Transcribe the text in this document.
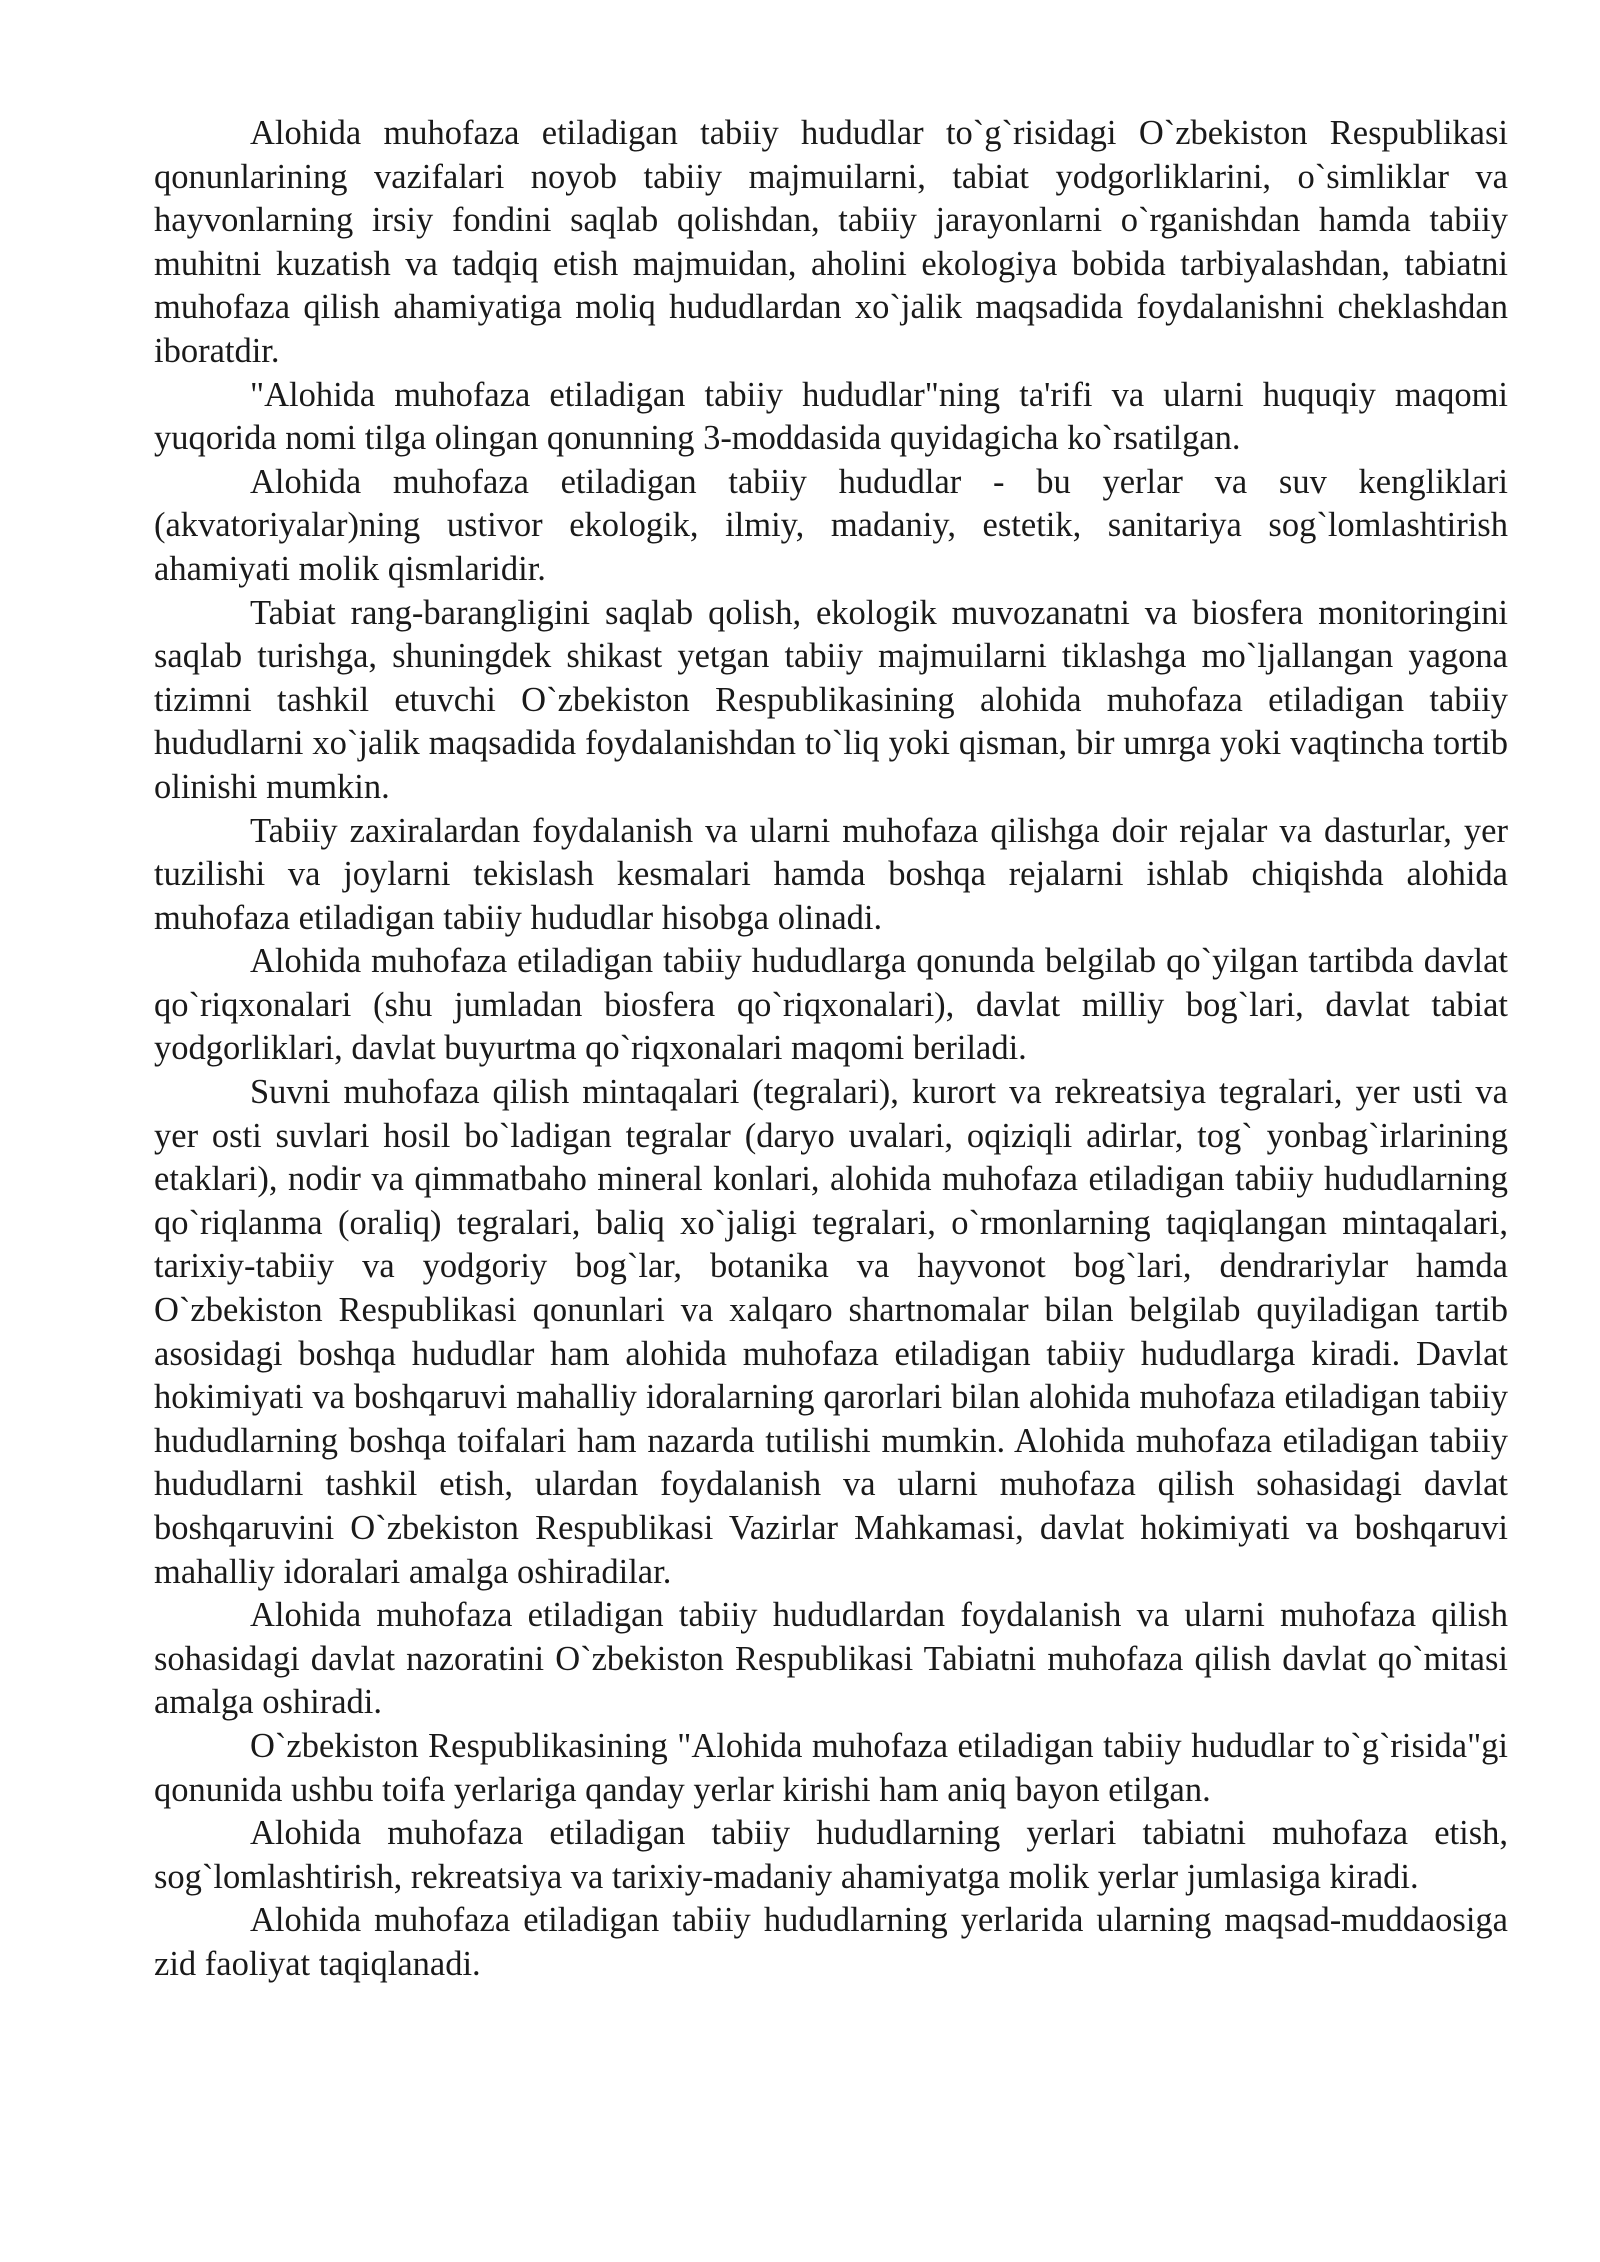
Alohida muhofaza etiladigan tabiiy hududlar to`g`risidagi O`zbekiston Respublikasi qonunlarining vazifalari noyob tabiiy majmuilarni, tabiat yodgorliklarini, o`simliklar va hayvonlarning irsiy fondini saqlab qolishdan, tabiiy jarayonlarni o`rganishdan hamda tabiiy muhitni kuzatish va tadqiq etish majmuidan, aholini ekologiya bobida tarbiyalashdan, tabiatni muhofaza qilish ahamiyatiga moliq hududlardan xo`jalik maqsadida foydalanishni cheklashdan iboratdir.

"Alohida muhofaza etiladigan tabiiy hududlar"ning ta'rifi va ularni huquqiy maqomi yuqorida nomi tilga olingan qonunning 3-moddasida quyidagicha ko`rsatilgan.

Alohida muhofaza etiladigan tabiiy hududlar - bu yerlar va suv kengliklari (akvatoriyalar)ning ustivor ekologik, ilmiy, madaniy, estetik, sanitariya sog`lomlashtirish ahamiyati molik qismlaridir.

Tabiat rang-barangligini saqlab qolish, ekologik muvozanatni va biosfera monitoringini saqlab turishga, shuningdek shikast yetgan tabiiy majmuilarni tiklashga mo`ljallangan yagona tizimni tashkil etuvchi O`zbekiston Respublikasining alohida muhofaza etiladigan tabiiy hududlarni xo`jalik maqsadida foydalanishdan to`liq yoki qisman, bir umrga yoki vaqtincha tortib olinishi mumkin.

Tabiiy zaxiralardan foydalanish va ularni muhofaza qilishga doir rejalar va dasturlar, yer tuzilishi va joylarni tekislash kesmalari hamda boshqa rejalarni ishlab chiqishda alohida muhofaza etiladigan tabiiy hududlar hisobga olinadi.

Alohida muhofaza etiladigan tabiiy hududlarga qonunda belgilab qo`yilgan tartibda davlat qo`riqxonalari (shu jumladan biosfera qo`riqxonalari), davlat milliy bog`lari, davlat tabiat yodgorliklari, davlat buyurtma qo`riqxonalari maqomi beriladi.

Suvni muhofaza qilish mintaqalari (tegralari), kurort va rekreatsiya tegralari, yer usti va yer osti suvlari hosil bo`ladigan tegralar (daryo uvalari, oqiziqli adirlar, tog` yonbag`irlarining etaklari), nodir va qimmatbaho mineral konlari, alohida muhofaza etiladigan tabiiy hududlarning qo`riqlanma (oraliq) tegralari, baliq xo`jaligi tegralari, o`rmonlarning taqiqlangan mintaqalari, tarixiy-tabiiy va yodgoriy bog`lar, botanika va hayvonot bog`lari, dendrariylar hamda O`zbekiston Respublikasi qonunlari va xalqaro shartnomalar bilan belgilab quyiladigan tartib asosidagi boshqa hududlar ham alohida muhofaza etiladigan tabiiy hududlarga kiradi. Davlat hokimiyati va boshqaruvi mahalliy idoralarning qarorlari bilan alohida muhofaza etiladigan tabiiy hududlarning boshqa toifalari ham nazarda tutilishi mumkin. Alohida muhofaza etiladigan tabiiy hududlarni tashkil etish, ulardan foydalanish va ularni muhofaza qilish sohasidagi davlat boshqaruvini O`zbekiston Respublikasi Vazirlar Mahkamasi, davlat hokimiyati va boshqaruvi mahalliy idoralari amalga oshiradilar.

Alohida muhofaza etiladigan tabiiy hududlardan foydalanish va ularni muhofaza qilish sohasidagi davlat nazoratini O`zbekiston Respublikasi Tabiatni muhofaza qilish davlat qo`mitasi amalga oshiradi.

O`zbekiston Respublikasining "Alohida muhofaza etiladigan tabiiy hududlar to`g`risida"gi qonunida ushbu toifa yerlariga qanday yerlar kirishi ham aniq bayon etilgan.

Alohida muhofaza etiladigan tabiiy hududlarning yerlari tabiatni muhofaza etish, sog`lomlashtirish, rekreatsiya va tarixiy-madaniy ahamiyatga molik yerlar jumlasiga kiradi.

Alohida muhofaza etiladigan tabiiy hududlarning yerlarida ularning maqsad-muddaosiga zid faoliyat taqiqlanadi.
